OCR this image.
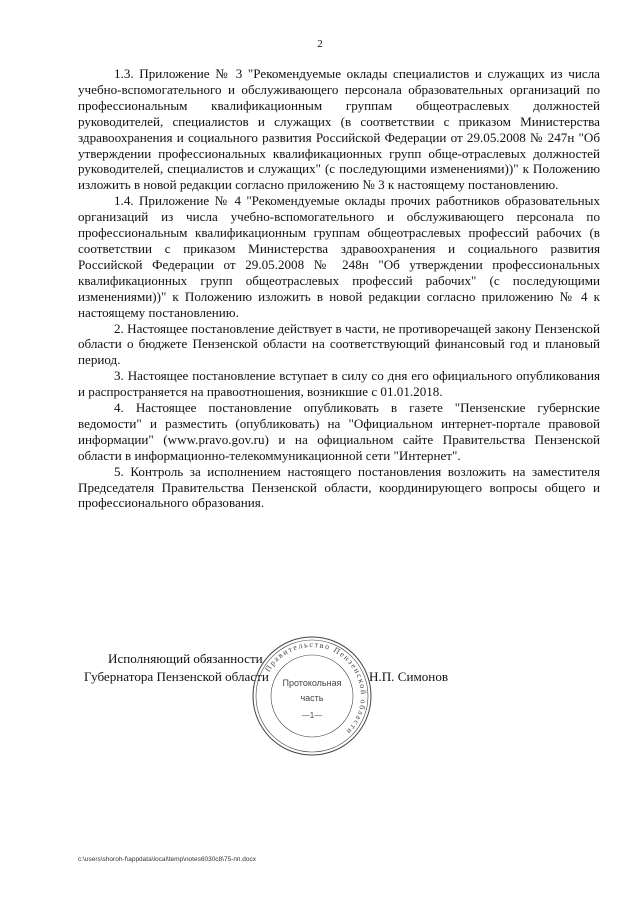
2

1.3. Приложение № 3 "Рекомендуемые оклады специалистов и служащих из числа учебно-вспомогательного и обслуживающего персонала образовательных организаций по профессиональным квалификационным группам общеотраслевых должностей руководителей, специалистов и служащих (в соответствии с приказом Министерства здравоохранения и социального развития Российской Федерации от 29.05.2008 № 247н "Об утверждении профессиональных квалификационных групп обще-отраслевых должностей руководителей, специалистов и служащих" (с последующими изменениями))" к Положению изложить в новой редакции согласно приложению № 3 к настоящему постановлению.

1.4. Приложение № 4 "Рекомендуемые оклады прочих работников образовательных организаций из числа учебно-вспомогательного и обслуживающего персонала по профессиональным квалификационным группам общеотраслевых профессий рабочих (в соответствии с приказом Министерства здравоохранения и социального развития Российской Федерации от 29.05.2008 № 248н "Об утверждении профессиональных квалификационных групп общеотраслевых профессий рабочих" (с последующими изменениями))" к Положению изложить в новой редакции согласно приложению № 4 к настоящему постановлению.

2. Настоящее постановление действует в части, не противоречащей закону Пензенской области о бюджете Пензенской области на соответствующий финансовый год и плановый период.

3. Настоящее постановление вступает в силу со дня его официального опубликования и распространяется на правоотношения, возникшие с 01.01.2018.

4. Настоящее постановление опубликовать в газете "Пензенские губернские ведомости" и разместить (опубликовать) на "Официальном интернет-портале правовой информации" (www.pravo.gov.ru) и на официальном сайте Правительства Пензенской области в информационно-телекоммуникационной сети "Интернет".

5. Контроль за исполнением настоящего постановления возложить на заместителя Председателя Правительства Пензенской области, координирующего вопросы общего и профессионального образования.

Исполняющий обязанности
Губернатора Пензенской области	Н.П. Симонов
Правительство Пензенской области
Протокольная
часть
—1—
c:\users\shoroh-f\appdata\local\temp\notes6030c8\75-пп.docx
